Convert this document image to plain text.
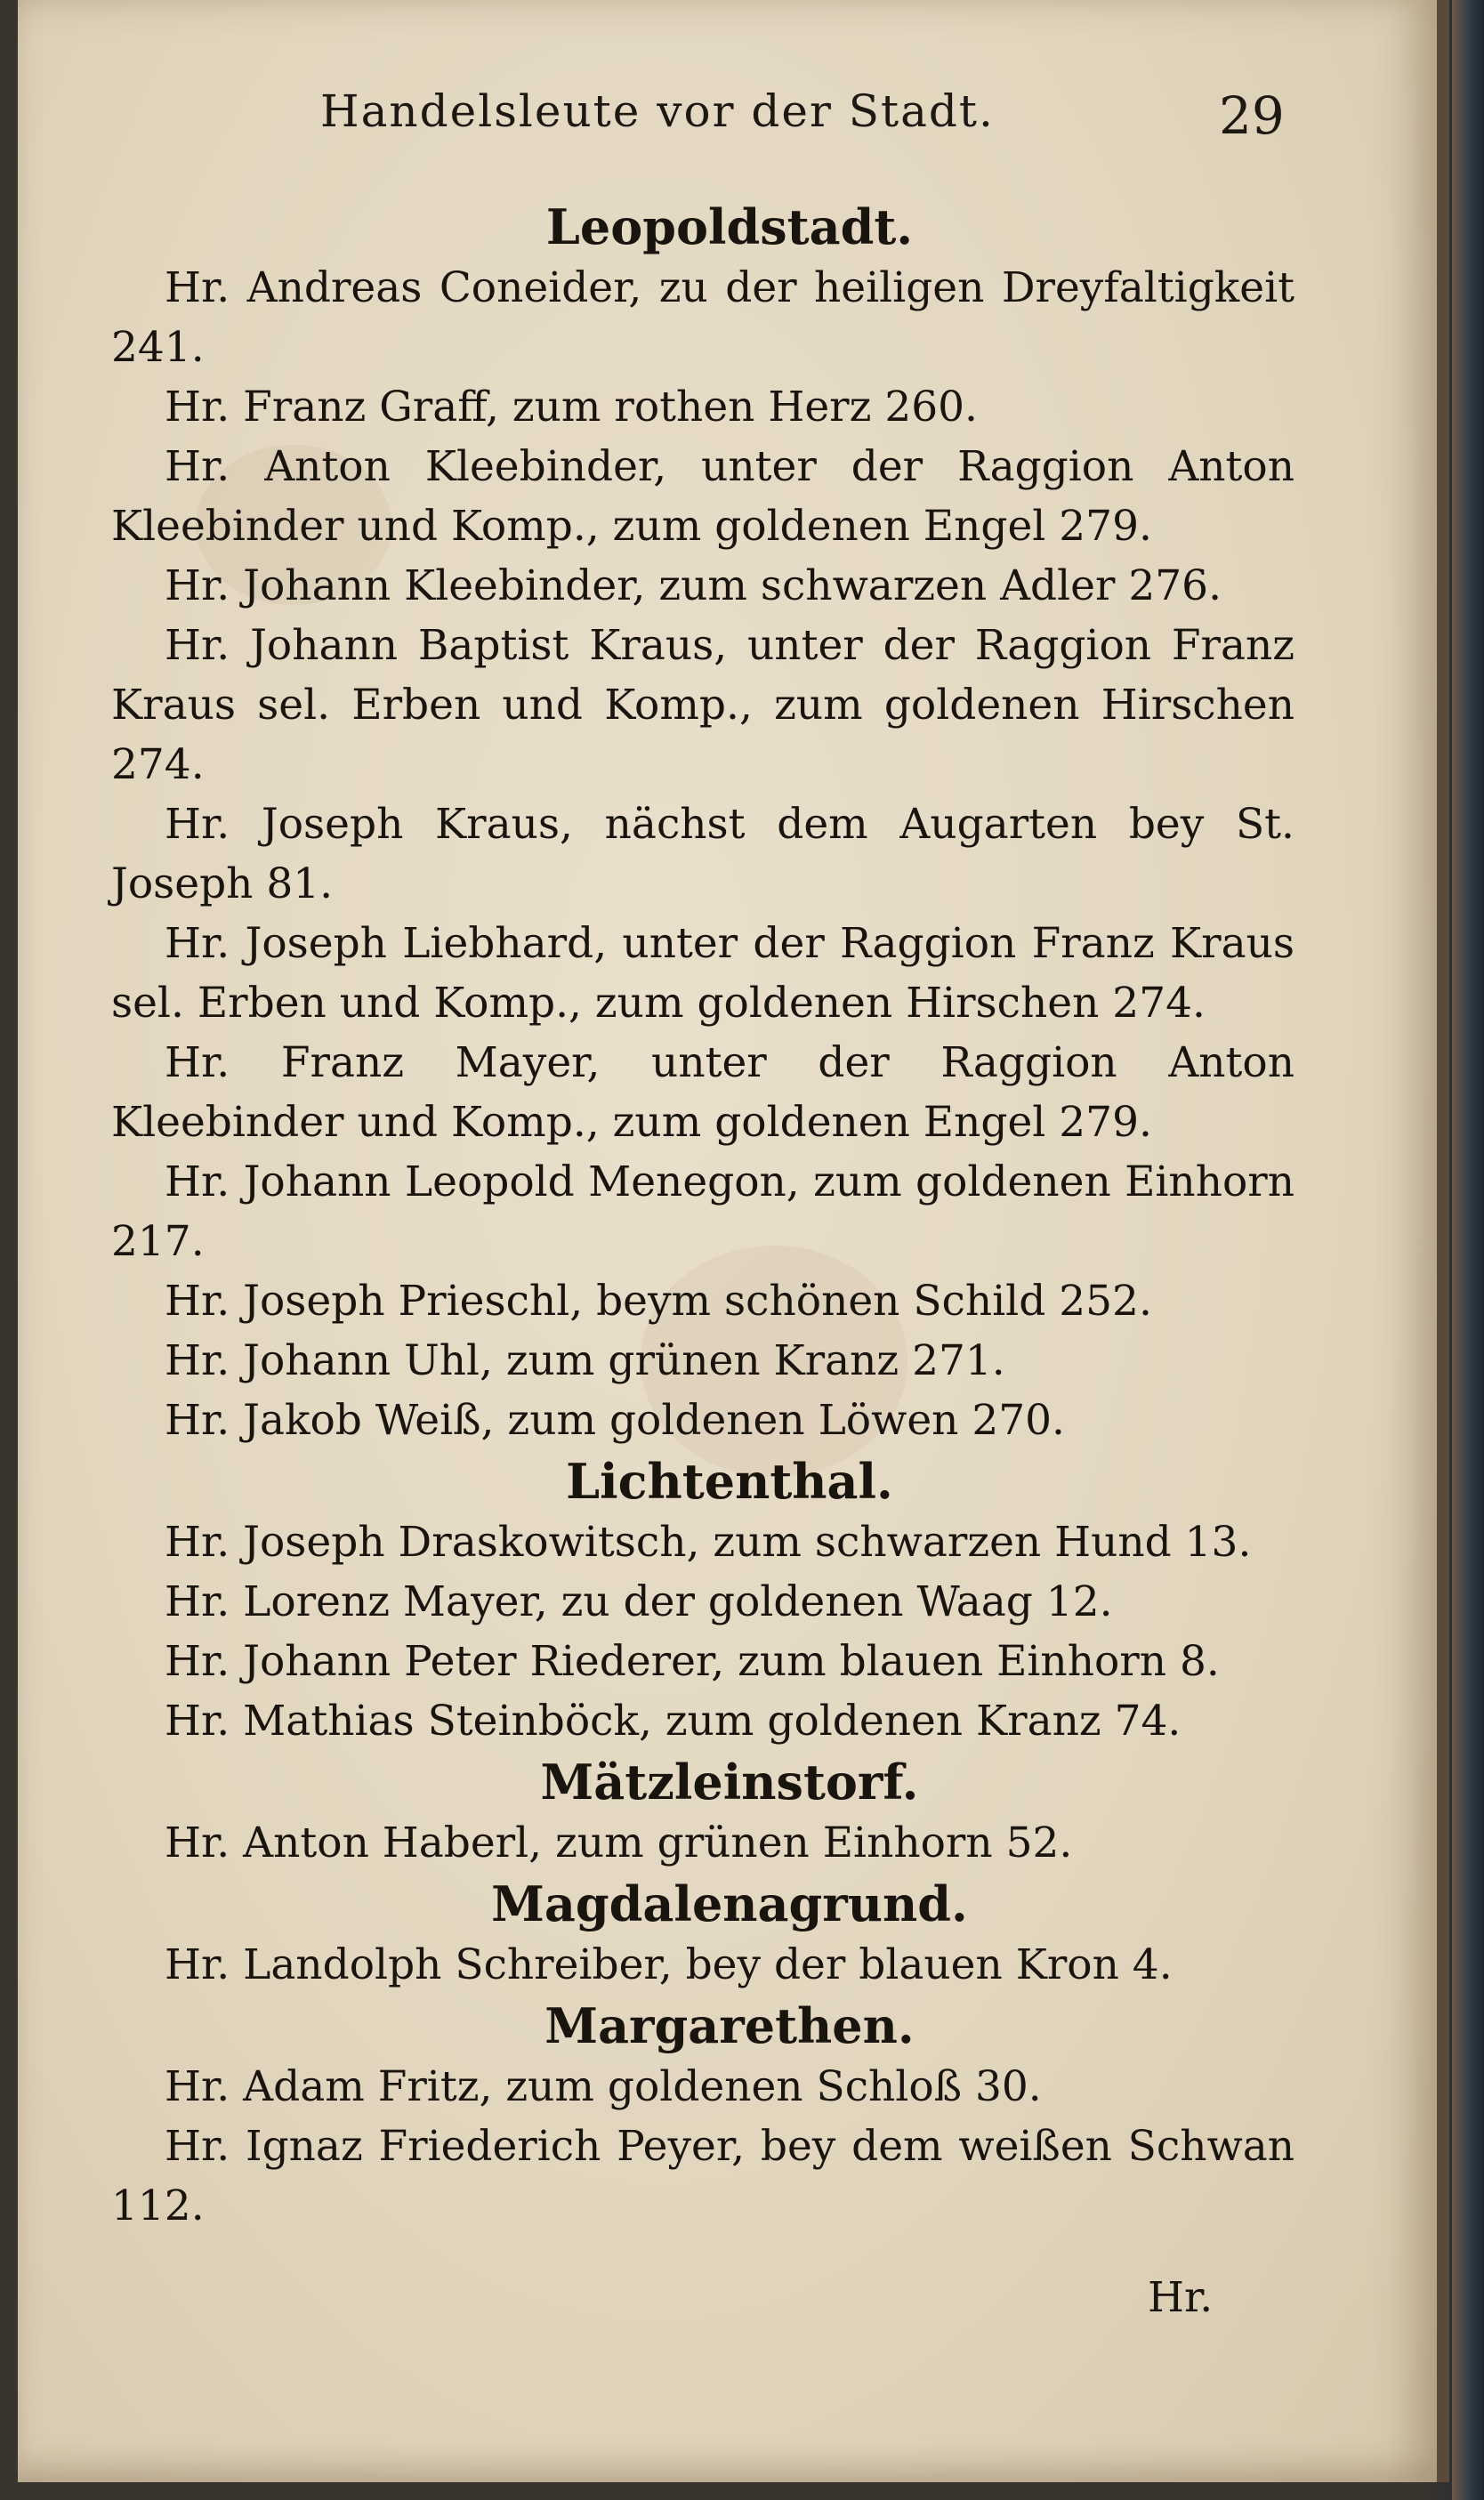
Handelsleute vor der Stadt.	29
Leopoldstadt.
Hr. Andreas Coneider, zu der heiligen Dreyfaltigkeit 241.
Hr. Franz Graff, zum rothen Herz 260.
Hr. Anton Kleebinder, unter der Raggion Anton Kleebinder und Komp., zum goldenen Engel 279.
Hr. Johann Kleebinder, zum schwarzen Adler 276.
Hr. Johann Baptist Kraus, unter der Raggion Franz Kraus sel. Erben und Komp., zum goldenen Hirschen 274.
Hr. Joseph Kraus, nächst dem Augarten bey St. Joseph 81.
Hr. Joseph Liebhard, unter der Raggion Franz Kraus sel. Erben und Komp., zum goldenen Hirschen 274.
Hr. Franz Mayer, unter der Raggion Anton Kleebinder und Komp., zum goldenen Engel 279.
Hr. Johann Leopold Menegon, zum goldenen Einhorn 217.
Hr. Joseph Prieschl, beym schönen Schild 252.
Hr. Johann Uhl, zum grünen Kranz 271.
Hr. Jakob Weiß, zum goldenen Löwen 270.
Lichtenthal.
Hr. Joseph Draskowitsch, zum schwarzen Hund 13.
Hr. Lorenz Mayer, zu der goldenen Waag 12.
Hr. Johann Peter Riederer, zum blauen Einhorn 8.
Hr. Mathias Steinböck, zum goldenen Kranz 74.
Mätzleinstorf.
Hr. Anton Haberl, zum grünen Einhorn 52.
Magdalenagrund.
Hr. Landolph Schreiber, bey der blauen Kron 4.
Margarethen.
Hr. Adam Fritz, zum goldenen Schloß 30.
Hr. Ignaz Friederich Peyer, bey dem weißen Schwan 112.
Hr.
